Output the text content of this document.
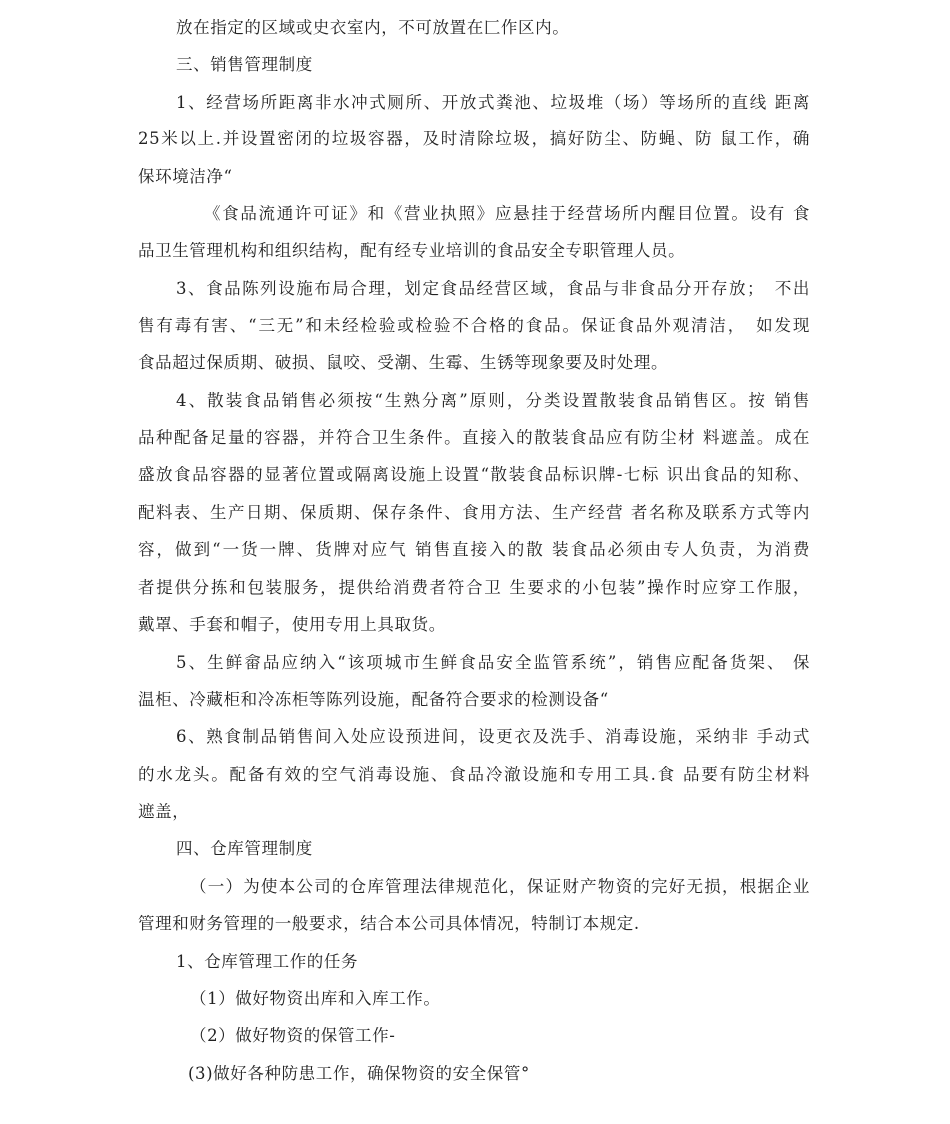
放在指定的区域或史衣室内，不可放置在匚作区内。
三、销售管理制度
1、经营场所距离非水冲式厕所、开放式粪池、垃圾堆（场）等场所的直线 距离
25米以上.并设置密闭的垃圾容器，及时清除垃圾，搞好防尘、防蝇、防 鼠工作，确
保环境洁净“
《食品流通许可证》和《营业执照》应悬挂于经营场所内醒目位置。设有 食
品卫生管理机构和组织结构，配有经专业培训的食品安全专职管理人员。
3、食品陈列设施布局合理，划定食品经营区域，食品与非食品分开存放；　不出
售有毒有害、“三无”和未经检验或检验不合格的食品。保证食品外观清洁，　如发现
食品超过保质期、破损、鼠咬、受潮、生霉、生锈等现象要及时处理。
4、散装食品销售必须按“生熟分离”原则，分类设置散装食品销售区。按 销售
品种配备足量的容器，并符合卫生条件。直接入的散装食品应有防尘材 料遮盖。成在
盛放食品容器的显著位置或隔离设施上设置“散装食品标识牌-七标 识出食品的知称、
配料表、生产日期、保质期、保存条件、食用方法、生产经营 者名称及联系方式等内
容，做到“一货一牌、货牌对应气 销售直接入的散 装食品必须由专人负责，为消费
者提供分拣和包装服务，提供给消费者符合卫 生要求的小包装”操作时应穿工作服，
戴罩、手套和帽子，使用专用上具取货。
5、生鲜畲品应纳入“该项城市生鲜食品安全监管系统”，销售应配备货架、 保
温柜、冷藏柜和冷冻柜等陈列设施，配备符合要求的检测设备“
6、熟食制品销售间入处应设预进间，设更衣及洗手、消毒设施，采纳非 手动式
的水龙头。配备有效的空气消毒设施、食品冷澈设施和专用工具.食 品要有防尘材料
遮盖，
四、仓库管理制度
（一）为使本公司的仓库管理法律规范化，保证财产物资的完好无损，根据企业
管理和财务管理的一般要求，结合本公司具体情况，特制订本规定.
1、仓库管理工作的任务
（1）做好物资出库和入库工作。
（2）做好物资的保管工作-
(3)做好各种防患工作，确保物资的安全保管°
